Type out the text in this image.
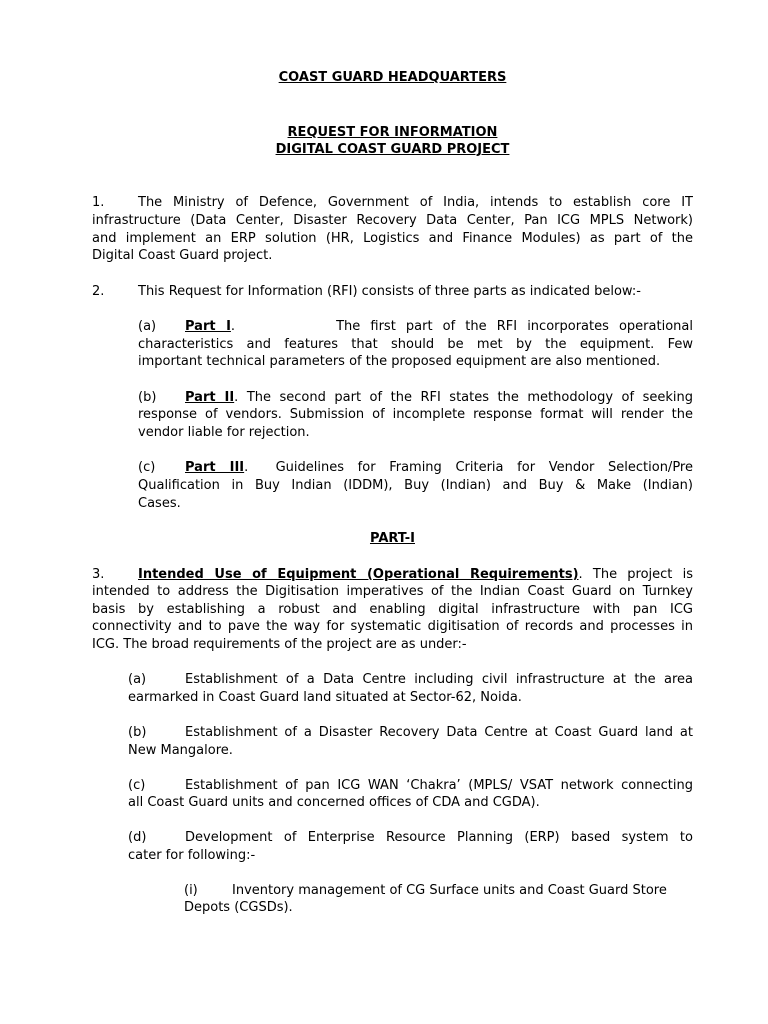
COAST GUARD HEADQUARTERS
REQUEST FOR INFORMATION
DIGITAL COAST GUARD PROJECT
1.	The Ministry of Defence, Government of India, intends to establish core IT
infrastructure (Data Center, Disaster Recovery Data Center, Pan ICG MPLS Network)
and implement an ERP solution (HR, Logistics and Finance Modules) as part of the
Digital Coast Guard project.
2.	This Request for Information (RFI) consists of three parts as indicated below:-
(a) Part I.          The first part of the RFI incorporates operational
characteristics and features that should be met by the equipment. Few
important technical parameters of the proposed equipment are also mentioned.
(b) Part II. The second part of the RFI states the methodology of seeking
response of vendors. Submission of incomplete response format will render the
vendor liable for rejection.
(c) Part III.  Guidelines for Framing Criteria for Vendor Selection/Pre
Qualification in Buy Indian (IDDM), Buy (Indian) and Buy & Make (Indian)
Cases.
PART-I
3.	Intended Use of Equipment (Operational Requirements). The project is
intended to address the Digitisation imperatives of the Indian Coast Guard on Turnkey
basis by establishing a robust and enabling digital infrastructure with pan ICG
connectivity and to pave the way for systematic digitisation of records and processes in
ICG. The broad requirements of the project are as under:-
(a)	Establishment of a Data Centre including civil infrastructure at the area
earmarked in Coast Guard land situated at Sector-62, Noida.
(b)	Establishment of a Disaster Recovery Data Centre at Coast Guard land at
New Mangalore.
(c)	Establishment of pan ICG WAN ‘Chakra’ (MPLS/ VSAT network connecting
all Coast Guard units and concerned offices of CDA and CGDA).
(d)	Development of Enterprise Resource Planning (ERP) based system to
cater for following:-
(i)	Inventory management of CG Surface units and Coast Guard Store
Depots (CGSDs).
